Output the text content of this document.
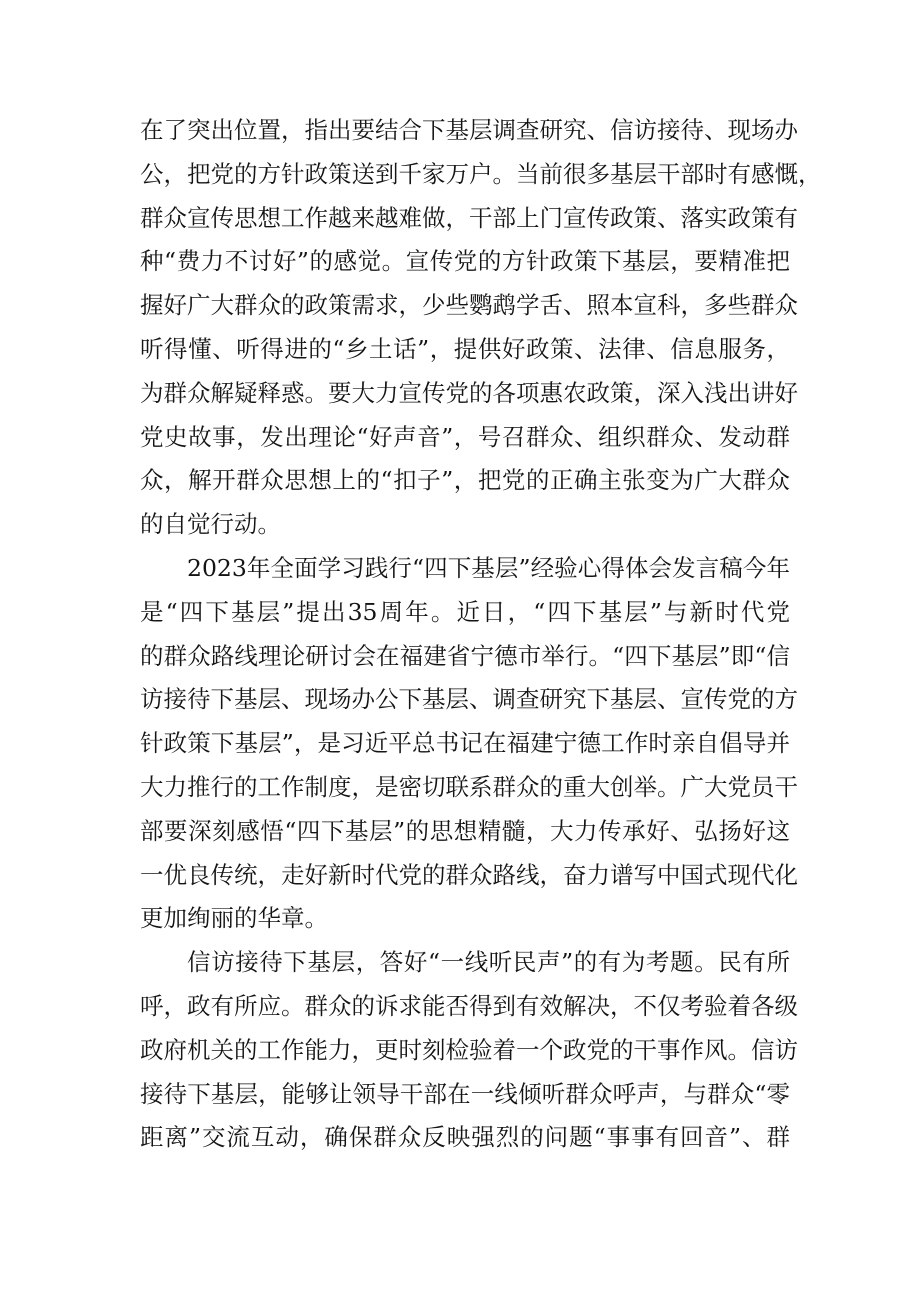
在了突出位置，指出要结合下基层调查研究、信访接待、现场办
公，把党的方针政策送到千家万户。当前很多基层干部时有感慨，
群众宣传思想工作越来越难做，干部上门宣传政策、落实政策有
种“费力不讨好”的感觉。宣传党的方针政策下基层，要精准把
握好广大群众的政策需求，少些鹦鹉学舌、照本宣科，多些群众
听得懂、听得进的“乡土话”，提供好政策、法律、信息服务，
为群众解疑释惑。要大力宣传党的各项惠农政策，深入浅出讲好
党史故事，发出理论“好声音”，号召群众、组织群众、发动群
众，解开群众思想上的“扣子”，把党的正确主张变为广大群众
的自觉行动。
2023年全面学习践行“四下基层”经验心得体会发言稿今年
是“四下基层”提出35周年。近日，“四下基层”与新时代党
的群众路线理论研讨会在福建省宁德市举行。“四下基层”即“信
访接待下基层、现场办公下基层、调查研究下基层、宣传党的方
针政策下基层”，是习近平总书记在福建宁德工作时亲自倡导并
大力推行的工作制度，是密切联系群众的重大创举。广大党员干
部要深刻感悟“四下基层”的思想精髓，大力传承好、弘扬好这
一优良传统，走好新时代党的群众路线，奋力谱写中国式现代化
更加绚丽的华章。
信访接待下基层，答好“一线听民声”的有为考题。民有所
呼，政有所应。群众的诉求能否得到有效解决，不仅考验着各级
政府机关的工作能力，更时刻检验着一个政党的干事作风。信访
接待下基层，能够让领导干部在一线倾听群众呼声，与群众“零
距离”交流互动，确保群众反映强烈的问题“事事有回音”、群
